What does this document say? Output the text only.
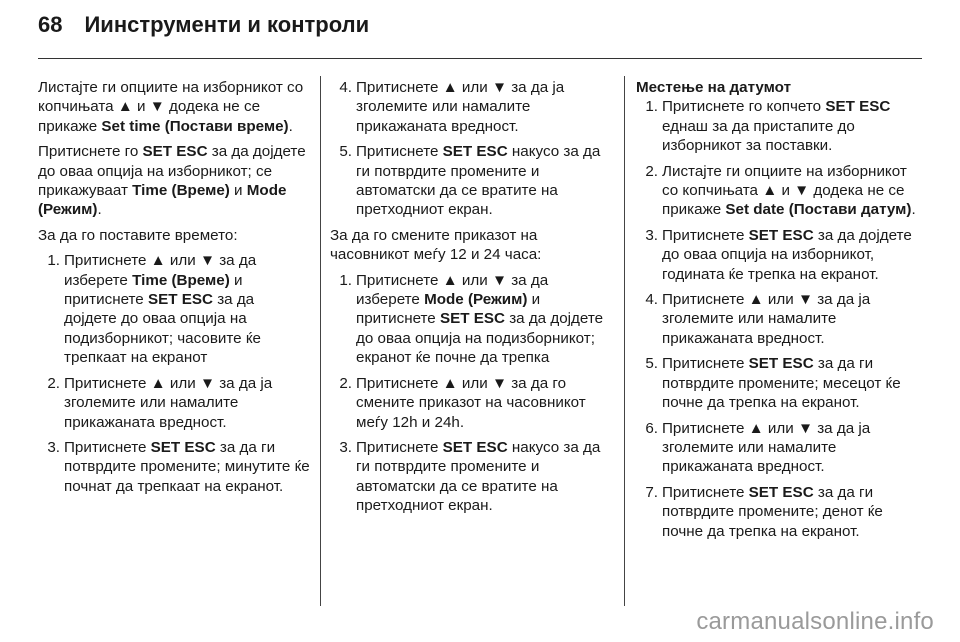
68 Иинструменти и контроли

Листајте ги опциите на изборникот со копчињата ▲ и ▼ додека не се прикаже Set time (Постави време).

Притиснете го SET ESC за да дојдете до оваа опција на изборникот; се прикажуваат Time (Време) и Mode (Режим).

За да го поставите времето:

1. Притиснете ▲ или ▼ за да изберете Time (Време) и притиснете SET ESC за да дојдете до оваа опција на подизборникот; часовите ќе трепкаат на екранот
2. Притиснете ▲ или ▼ за да ја зголемите или намалите прикажаната вредност.
3. Притиснете SET ESC за да ги потврдите промените; минутите ќе почнат да трепкаат на екранот.
4. Притиснете ▲ или ▼ за да ја зголемите или намалите прикажаната вредност.
5. Притиснете SET ESC накусо за да ги потврдите промените и автоматски да се вратите на претходниот екран.

За да го смените приказот на часовникот меѓу 12 и 24 часа:

1. Притиснете ▲ или ▼ за да изберете Mode (Режим) и притиснете SET ESC за да дојдете до оваа опција на подизборникот; екранот ќе почне да трепка
2. Притиснете ▲ или ▼ за да го смените приказот на часовникот меѓу 12h и 24h.
3. Притиснете SET ESC накусо за да ги потврдите промените и автоматски да се вратите на претходниот екран.

Местење на датумот

1. Притиснете го копчето SET ESC еднаш за да пристапите до изборникот за поставки.
2. Листајте ги опциите на изборникот со копчињата ▲ и ▼ додека не се прикаже Set date (Постави датум).
3. Притиснете SET ESC за да дојдете до оваа опција на изборникот, годината ќе трепка на екранот.
4. Притиснете ▲ или ▼ за да ја зголемите или намалите прикажаната вредност.
5. Притиснете SET ESC за да ги потврдите промените; месецот ќе почне да трепка на екранот.
6. Притиснете ▲ или ▼ за да ја зголемите или намалите прикажаната вредност.
7. Притиснете SET ESC за да ги потврдите промените; денот ќе почне да трепка на екранот.
carmanualsonline.info
